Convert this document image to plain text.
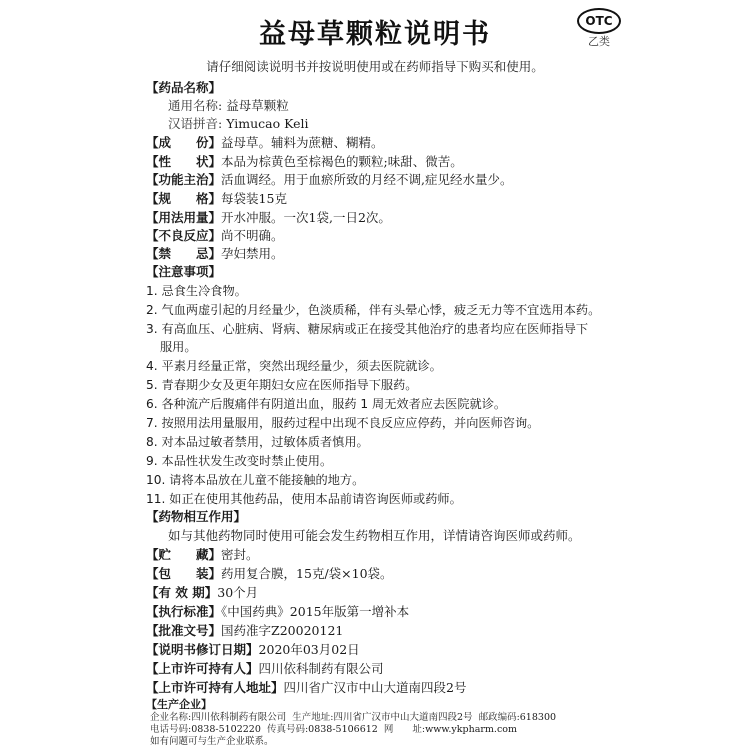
益母草颗粒说明书	OTC
乙类
请仔细阅读说明书并按说明使用或在药师指导下购买和使用。
【药品名称】
通用名称: 益母草颗粒
汉语拼音: Yimucao Keli
【成　　份】益母草。辅料为蔗糖、糊精。
【性　　状】本品为棕黄色至棕褐色的颗粒;味甜、微苦。
【功能主治】活血调经。用于血瘀所致的月经不调,症见经水量少。
【规　　格】每袋装15克
【用法用量】开水冲服。一次1袋,一日2次。
【不良反应】尚不明确。
【禁　　忌】孕妇禁用。
【注意事项】
1. 忌食生冷食物。
2. 气血两虚引起的月经量少，色淡质稀，伴有头晕心悸，疲乏无力等不宜选用本药。
3. 有高血压、心脏病、肾病、糖尿病或正在接受其他治疗的患者均应在医师指导下
服用。
4. 平素月经量正常，突然出现经量少，须去医院就诊。
5. 青春期少女及更年期妇女应在医师指导下服药。
6. 各种流产后腹痛伴有阴道出血，服药 1 周无效者应去医院就诊。
7. 按照用法用量服用，服药过程中出现不良反应应停药，并向医师咨询。
8. 对本品过敏者禁用，过敏体质者慎用。
9. 本品性状发生改变时禁止使用。
10. 请将本品放在儿童不能接触的地方。
11. 如正在使用其他药品，使用本品前请咨询医师或药师。
【药物相互作用】
如与其他药物同时使用可能会发生药物相互作用，详情请咨询医师或药师。
【贮　　藏】密封。
【包　　装】药用复合膜，15克/袋×10袋。
【有 效 期】30个月
【执行标准】《中国药典》2015年版第一增补本
【批准文号】国药准字Z20020121
【说明书修订日期】2020年03月02日
【上市许可持有人】四川依科制药有限公司
【上市许可持有人地址】四川省广汉市中山大道南四段2号
【生产企业】
企业名称:四川依科制药有限公司 生产地址:四川省广汉市中山大道南四段2号 邮政编码:618300
电话号码:0838-5102220 传真号码:0838-5106612 网　　址:www.ykpharm.com
如有问题可与生产企业联系。
